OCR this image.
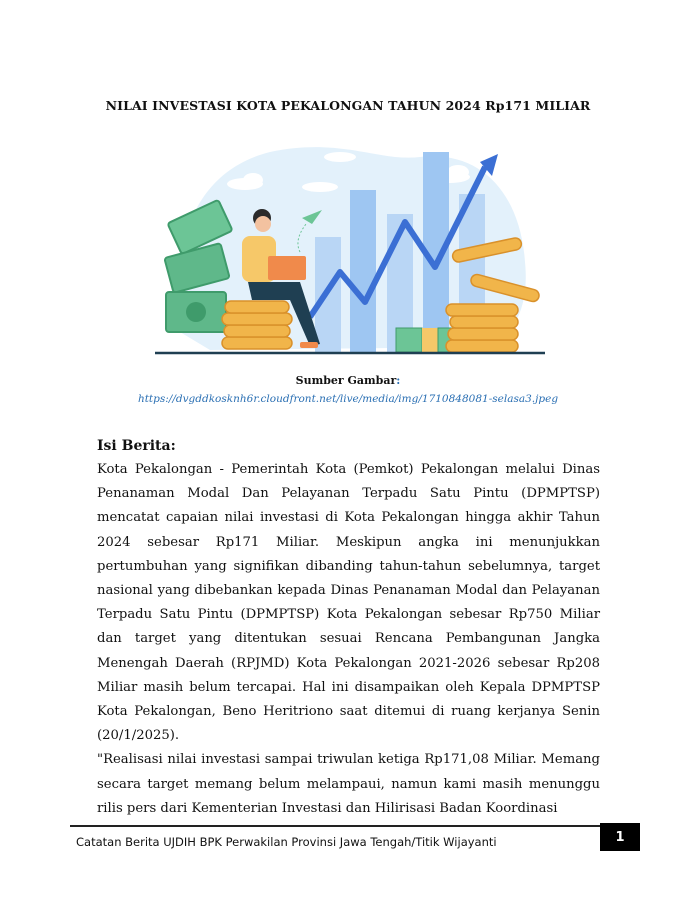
NILAI INVESTASI KOTA PEKALONGAN TAHUN 2024 Rp171 MILIAR
Sumber Gambar:
https://dvgddkosknh6r.cloudfront.net/live/media/img/1710848081-selasa3.jpeg
Isi Berita:

Kota Pekalongan - Pemerintah Kota (Pemkot) Pekalongan melalui Dinas Penanaman Modal Dan Pelayanan Terpadu Satu Pintu (DPMPTSP) mencatat capaian nilai investasi di Kota Pekalongan hingga akhir Tahun 2024 sebesar Rp171 Miliar. Meskipun angka ini menunjukkan pertumbuhan yang signifikan dibanding tahun-tahun sebelumnya, target nasional yang dibebankan kepada Dinas Penanaman Modal dan Pelayanan Terpadu Satu Pintu (DPMPTSP) Kota Pekalongan sebesar Rp750 Miliar dan target yang ditentukan sesuai Rencana Pembangunan Jangka Menengah Daerah (RPJMD) Kota Pekalongan 2021-2026 sebesar Rp208 Miliar masih belum tercapai. Hal ini disampaikan oleh Kepala DPMPTSP Kota Pekalongan, Beno Heritriono saat ditemui di ruang kerjanya Senin (20/1/2025).

"Realisasi nilai investasi sampai triwulan ketiga Rp171,08 Miliar. Memang secara target memang belum melampaui, namun kami masih menunggu rilis pers dari Kementerian Investasi dan Hilirisasi Badan Koordinasi

Catatan Berita UJDIH BPK Perwakilan Provinsi Jawa Tengah/Titik Wijayanti	1
